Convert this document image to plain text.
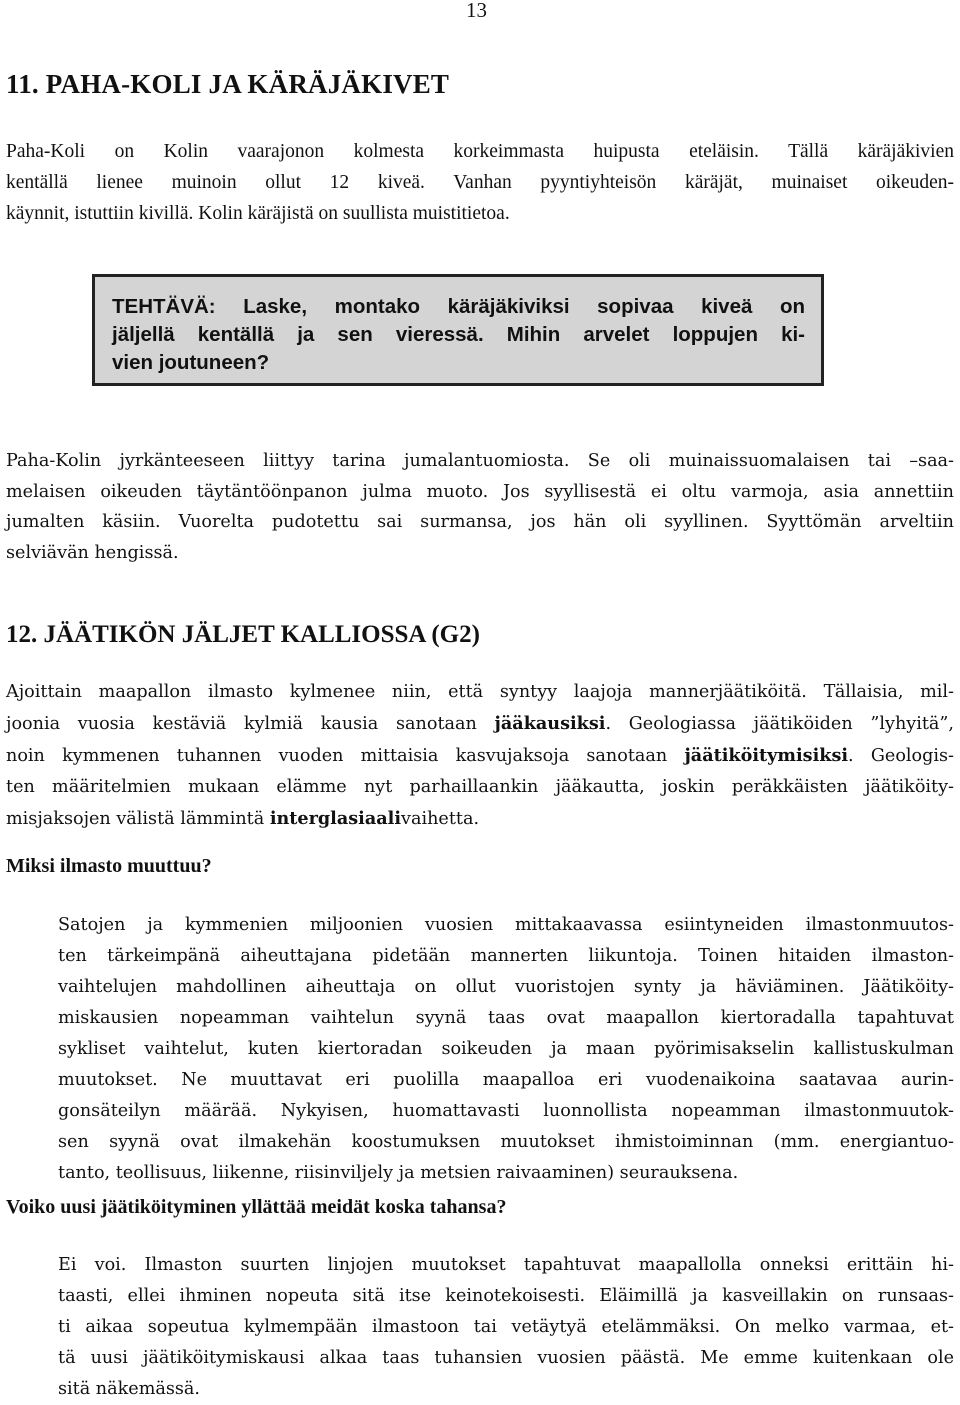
13
11. PAHA-KOLI JA KÄRÄJÄKIVET
Paha-Koli on Kolin vaarajonon kolmesta korkeimmasta huipusta eteläisin. Tällä käräjäkivien
kentällä lienee muinoin ollut 12 kiveä. Vanhan pyyntiyhteisön käräjät, muinaiset oikeuden-
käynnit, istuttiin kivillä. Kolin käräjistä on suullista muistitietoa.
TEHTÄVÄ: Laske, montako käräjäkiviksi sopivaa kiveä on
jäljellä kentällä ja sen vieressä. Mihin arvelet loppujen ki-
vien joutuneen?
Paha-Kolin jyrkänteeseen liittyy tarina jumalantuomiosta. Se oli muinaissuomalaisen tai –saa-
melaisen oikeuden täytäntöönpanon julma muoto. Jos syyllisestä ei oltu varmoja, asia annettiin
jumalten käsiin. Vuorelta pudotettu sai surmansa, jos hän oli syyllinen. Syyttömän arveltiin
selviävän hengissä.
12. JÄÄTIKÖN JÄLJET KALLIOSSA (G2)
Ajoittain maapallon ilmasto kylmenee niin, että syntyy laajoja mannerjäätiköitä. Tällaisia, mil-
joonia vuosia kestäviä kylmiä kausia sanotaan jääkausiksi. Geologiassa jäätiköiden ”lyhyitä”,
noin kymmenen tuhannen vuoden mittaisia kasvujaksoja sanotaan jäätiköitymisiksi. Geologis-
ten määritelmien mukaan elämme nyt parhaillaankin jääkautta, joskin peräkkäisten jäätiköity-
misjaksojen välistä lämmintä interglasiaalivaihetta.
Miksi ilmasto muuttuu?
Satojen ja kymmenien miljoonien vuosien mittakaavassa esiintyneiden ilmastonmuutos-
ten tärkeimpänä aiheuttajana pidetään mannerten liikuntoja. Toinen hitaiden ilmaston-
vaihtelujen mahdollinen aiheuttaja on ollut vuoristojen synty ja häviäminen. Jäätiköity-
miskausien nopeamman vaihtelun syynä taas ovat maapallon kiertoradalla tapahtuvat
sykliset vaihtelut, kuten kiertoradan soikeuden ja maan pyörimisakselin kallistuskulman
muutokset. Ne muuttavat eri puolilla maapalloa eri vuodenaikoina saatavaa aurin-
gonsäteilyn määrää. Nykyisen, huomattavasti luonnollista nopeamman ilmastonmuutok-
sen syynä ovat ilmakehän koostumuksen muutokset ihmistoiminnan (mm. energiantuo-
tanto, teollisuus, liikenne, riisinviljely ja metsien raivaaminen) seurauksena.
Voiko uusi jäätiköityminen yllättää meidät koska tahansa?
Ei voi. Ilmaston suurten linjojen muutokset tapahtuvat maapallolla onneksi erittäin hi-
taasti, ellei ihminen nopeuta sitä itse keinotekoisesti. Eläimillä ja kasveillakin on runsaas-
ti aikaa sopeutua kylmempään ilmastoon tai vetäytyä etelämmäksi. On melko varmaa, et-
tä uusi jäätiköitymiskausi alkaa taas tuhansien vuosien päästä. Me emme kuitenkaan ole
sitä näkemässä.
